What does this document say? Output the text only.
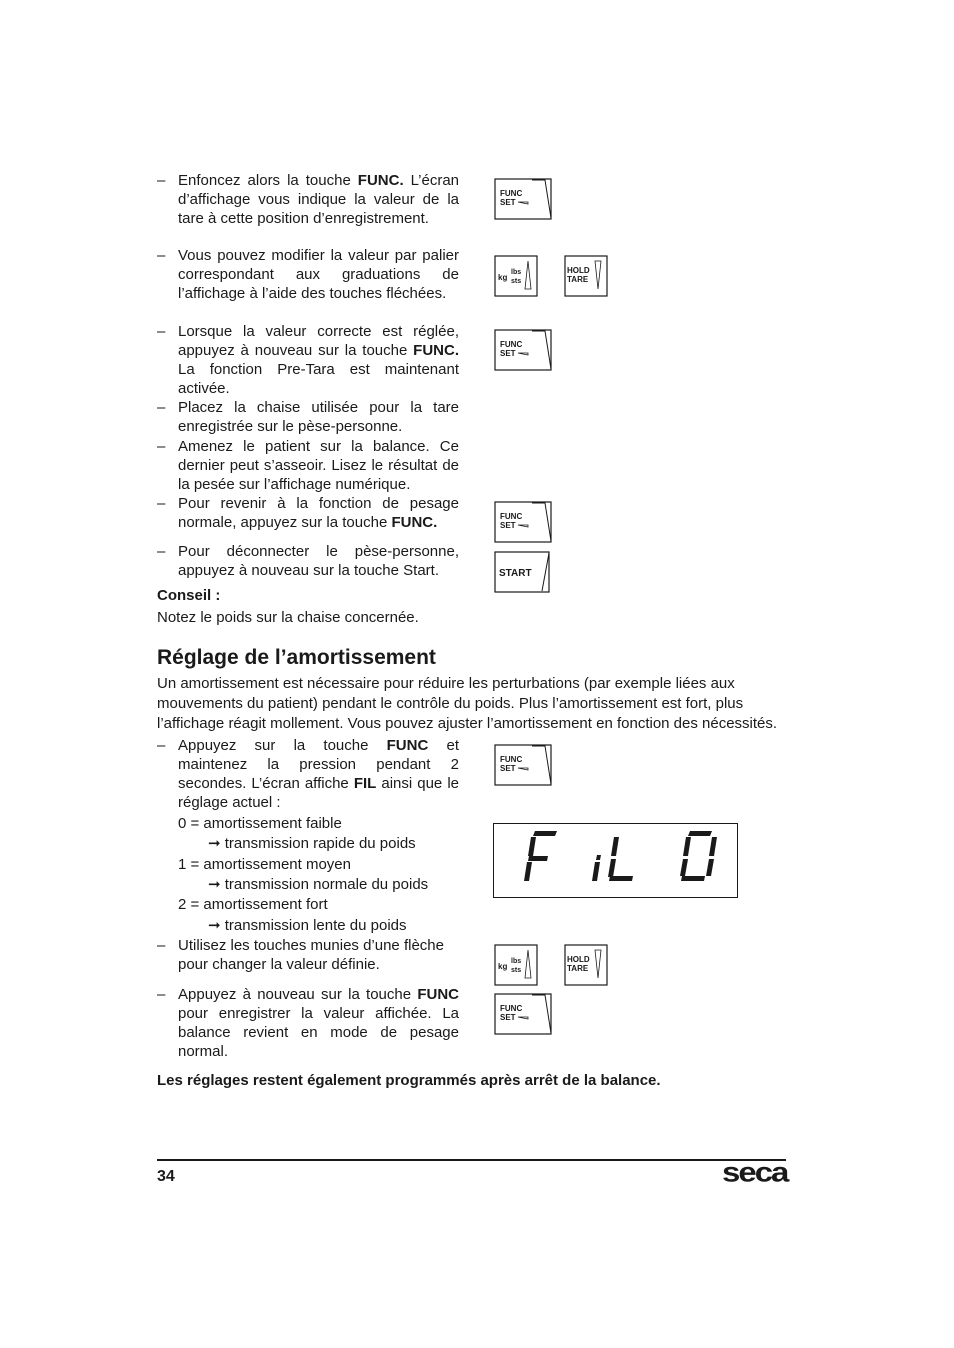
– Enfoncez alors la touche FUNC. L’écran d’affichage vous indique la valeur de la tare à cette position d’enregistrement.
– Vous pouvez modifier la valeur par palier correspondant aux graduations de l’affichage à l’aide des touches fléchées.
– Lorsque la valeur correcte est réglée, appuyez à nouveau sur la touche FUNC. La fonction Pre-Tara est maintenant activée.
– Placez la chaise utilisée pour la tare enregistrée sur le pèse-personne.
– Amenez le patient sur la balance. Ce dernier peut s’asseoir. Lisez le résultat de la pesée sur l’affichage numérique.
– Pour revenir à la fonction de pesage normale, appuyez sur la touche FUNC.
– Pour déconnecter le pèse-personne, appuyez à nouveau sur la touche Start.
Conseil :
Notez le poids sur la chaise concernée.
Réglage de l’amortissement
Un amortissement est nécessaire pour réduire les perturbations (par exemple liées aux mouvements du patient) pendant le contrôle du poids. Plus l’amortissement est fort, plus l’affichage réagit mollement. Vous pouvez ajuster l’amortissement en fonction des nécessités.
– Appuyez sur la touche FUNC et maintenez la pression pendant 2 secondes. L’écran affiche FIL ainsi que le réglage actuel :
0 = amortissement faible
➞ transmission rapide du poids
1 = amortissement moyen
➞ transmission normale du poids
2 = amortissement fort
➞ transmission lente du poids
– Utilisez les touches munies d’une flèche pour changer la valeur définie.
– Appuyez à nouveau sur la touche FUNC pour enregistrer la valeur affichée. La balance revient en mode de pesage normal.
Les réglages restent également programmés après arrêt de la balance.
34	seca
FUNC
SET
kg
lbs
sts
HOLD
TARE
FUNC
SET
FUNC
SET
START
FUNC
SET
kg
lbs
sts
HOLD
TARE
FUNC
SET
